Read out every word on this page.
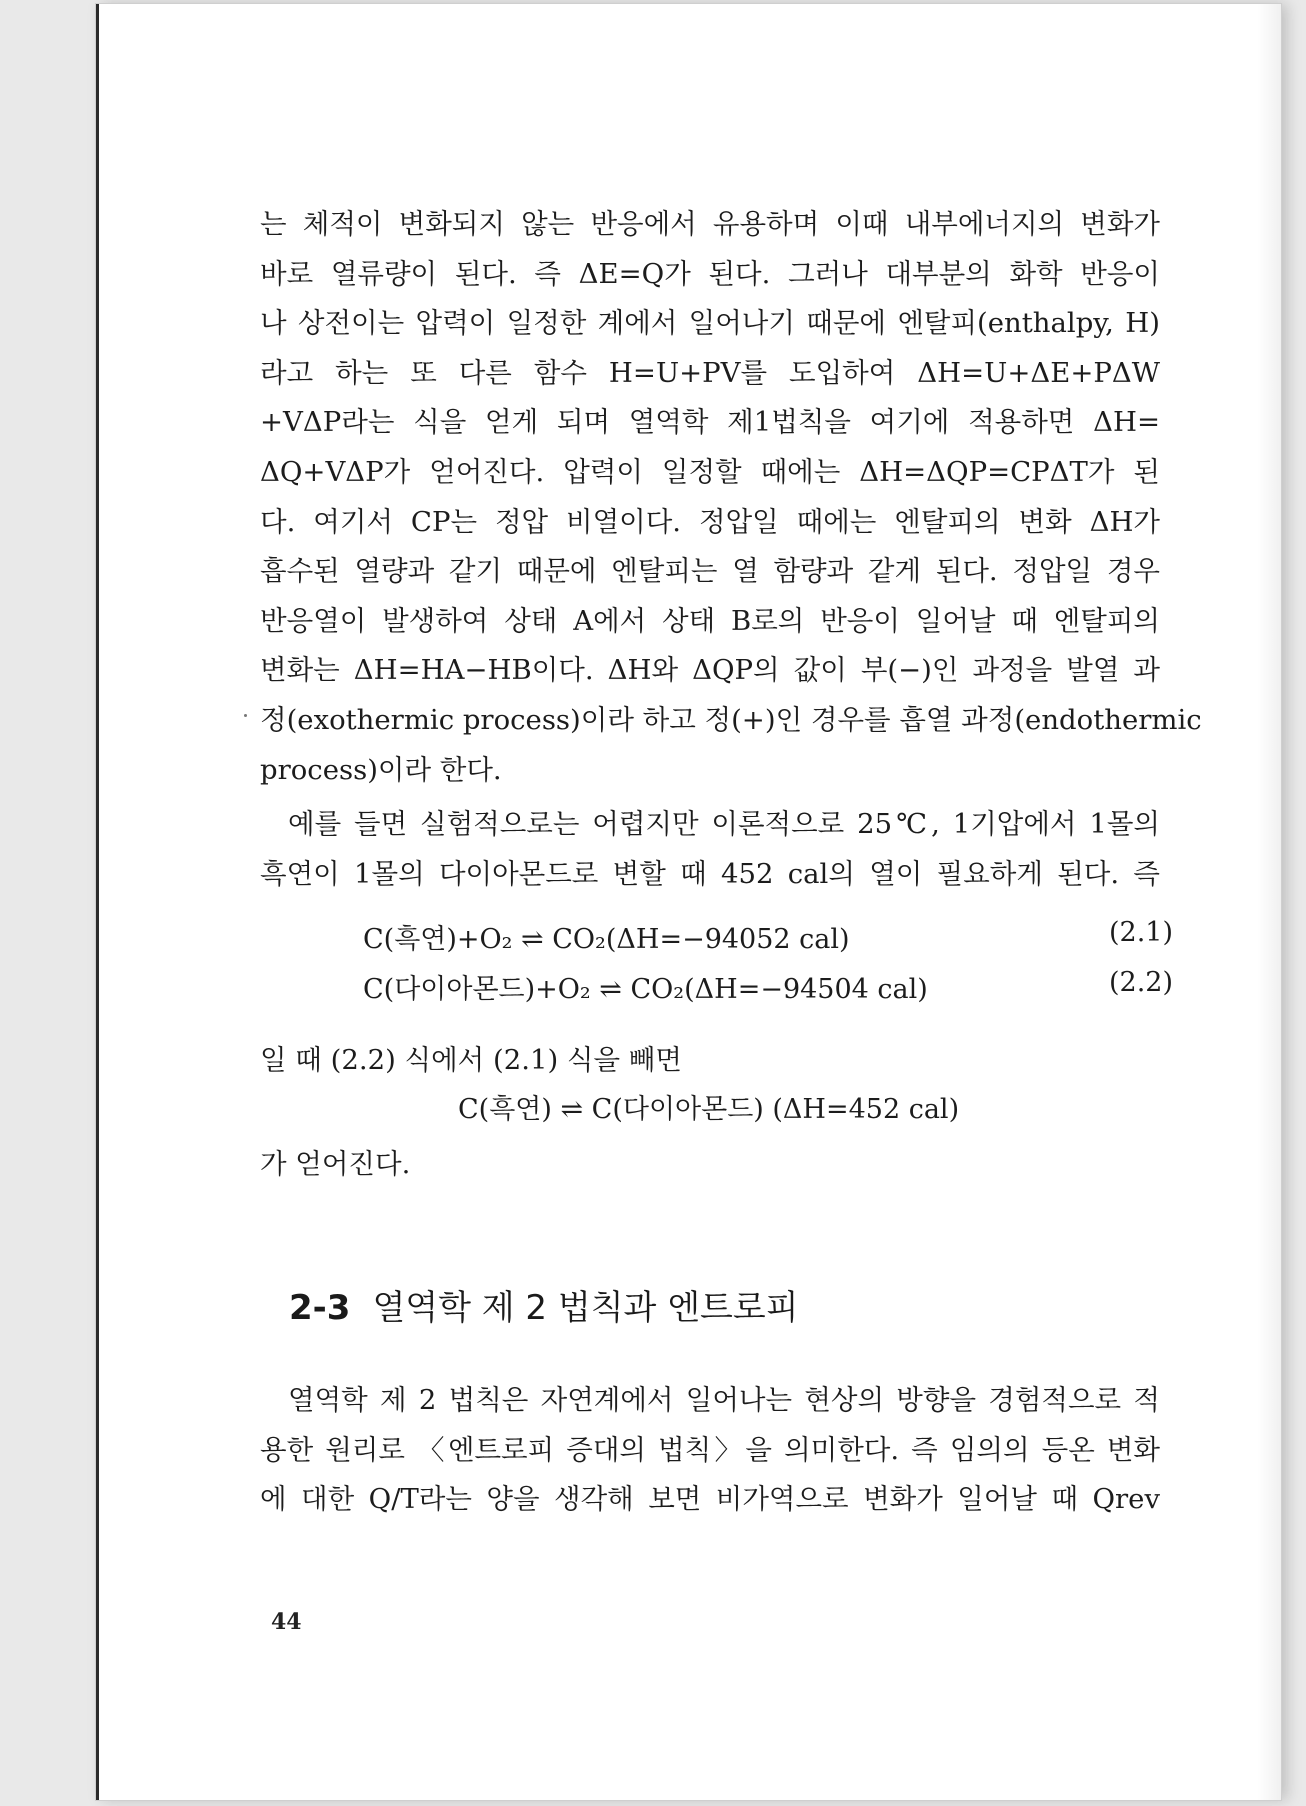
는 체적이 변화되지 않는 반응에서 유용하며 이때 내부에너지의 변화가
바로 열류량이 된다. 즉 ΔE=Q가 된다. 그러나 대부분의 화학 반응이
나 상전이는 압력이 일정한 계에서 일어나기 때문에 엔탈피(enthalpy, H)
라고 하는 또 다른 함수 H=U+PV를 도입하여 ΔH=U+ΔE+PΔW
+VΔP라는 식을 얻게 되며 열역학 제1법칙을 여기에 적용하면 ΔH=
ΔQ+VΔP가 얻어진다. 압력이 일정할 때에는 ΔH=ΔQP=CPΔT가 된
다. 여기서 CP는 정압 비열이다. 정압일 때에는 엔탈피의 변화 ΔH가
흡수된 열량과 같기 때문에 엔탈피는 열 함량과 같게 된다. 정압일 경우
반응열이 발생하여 상태 A에서 상태 B로의 반응이 일어날 때 엔탈피의
변화는 ΔH=HA−HB이다. ΔH와 ΔQP의 값이 부(−)인 과정을 발열 과
정(exothermic process)이라 하고 정(+)인 경우를 흡열 과정(endothermic
process)이라 한다.
예를 들면 실험적으로는 어렵지만 이론적으로 25℃, 1기압에서 1몰의
흑연이 1몰의 다이아몬드로 변할 때 452 cal의 열이 필요하게 된다. 즉
C(흑연)+O₂ ⇌ CO₂(ΔH=−94052 cal)	(2.1)
C(다이아몬드)+O₂ ⇌ CO₂(ΔH=−94504 cal)	(2.2)
일 때 (2.2) 식에서 (2.1) 식을 빼면
C(흑연) ⇌ C(다이아몬드) (ΔH=452 cal)
가 얻어진다.
2-3 열역학 제 2 법칙과 엔트로피
열역학 제 2 법칙은 자연계에서 일어나는 현상의 방향을 경험적으로 적
용한 원리로 〈엔트로피 증대의 법칙〉을 의미한다. 즉 임의의 등온 변화
에 대한 Q/T라는 양을 생각해 보면 비가역으로 변화가 일어날 때 Qrev
44
